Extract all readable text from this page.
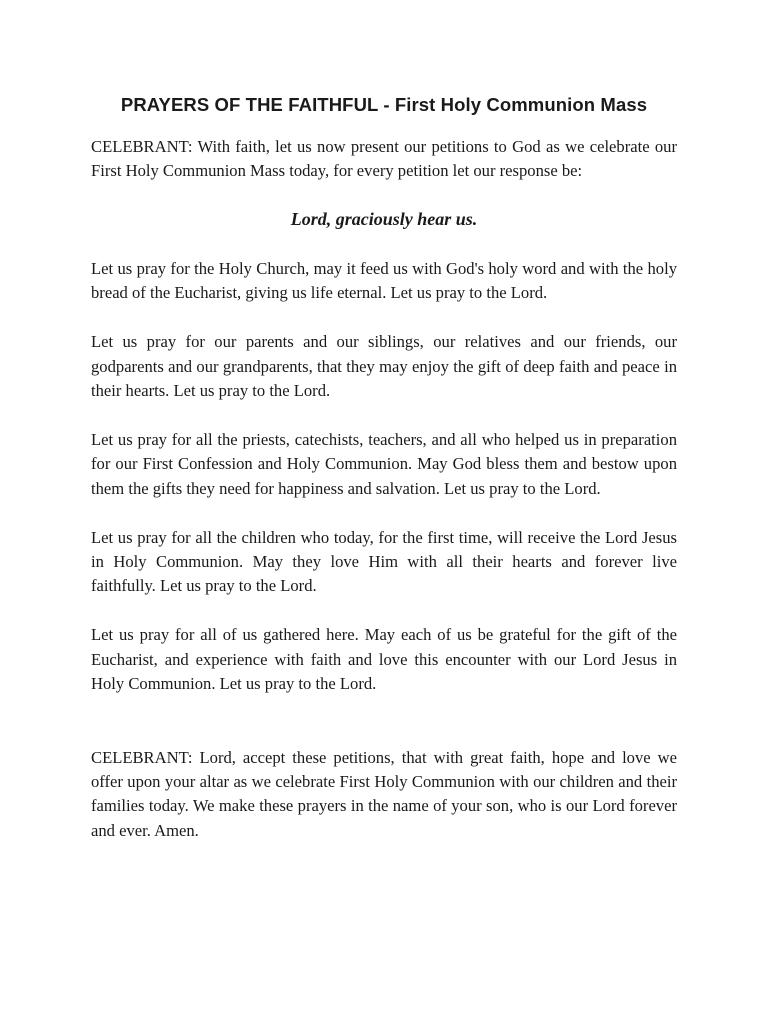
PRAYERS OF THE FAITHFUL - First Holy Communion Mass

CELEBRANT: With faith, let us now present our petitions to God as we celebrate our First Holy Communion Mass today, for every petition let our response be:

Lord, graciously hear us.

Let us pray for the Holy Church, may it feed us with God's holy word and with the holy bread of the Eucharist, giving us life eternal. Let us pray to the Lord.

Let us pray for our parents and our siblings, our relatives and our friends, our godparents and our grandparents, that they may enjoy the gift of deep faith and peace in their hearts. Let us pray to the Lord.

Let us pray for all the priests, catechists, teachers, and all who helped us in preparation for our First Confession and Holy Communion. May God bless them and bestow upon them the gifts they need for happiness and salvation. Let us pray to the Lord.

Let us pray for all the children who today, for the first time, will receive the Lord Jesus in Holy Communion. May they love Him with all their hearts and forever live faithfully. Let us pray to the Lord.

Let us pray for all of us gathered here. May each of us be grateful for the gift of the Eucharist, and experience with faith and love this encounter with our Lord Jesus in Holy Communion. Let us pray to the Lord.

CELEBRANT: Lord, accept these petitions, that with great faith, hope and love we offer upon your altar as we celebrate First Holy Communion with our children and their families today. We make these prayers in the name of your son, who is our Lord forever and ever. Amen.
